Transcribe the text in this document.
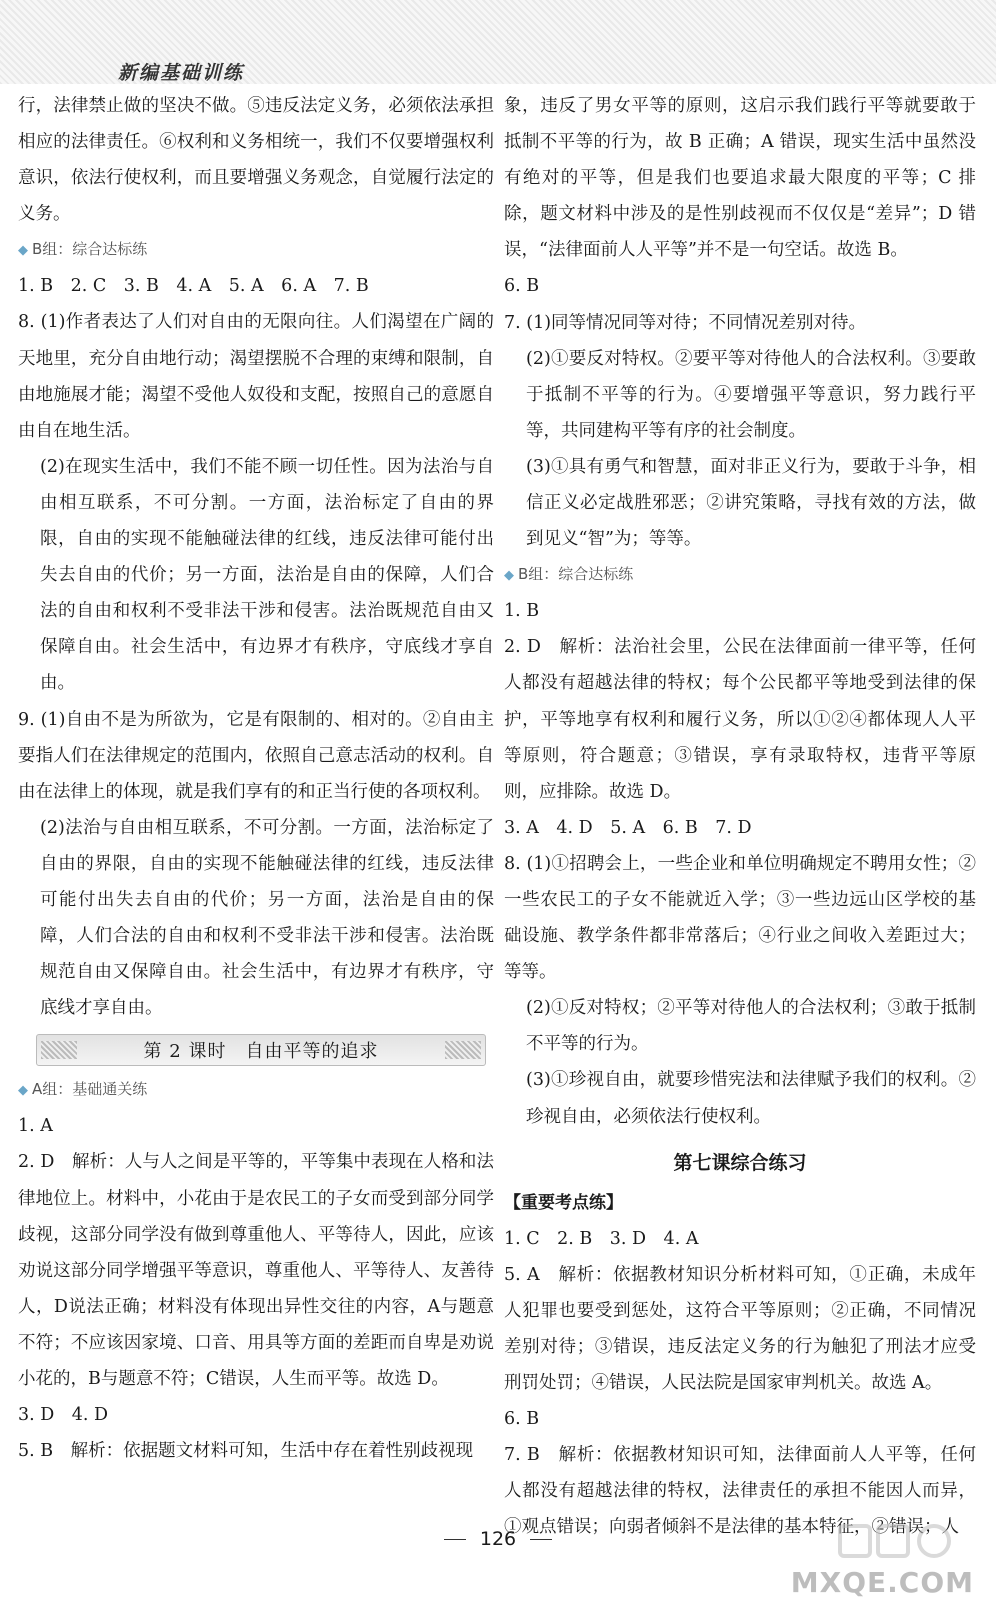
新编基础训练

行，法律禁止做的坚决不做。⑤违反法定义务，必须依法承担相应的法律责任。⑥权利和义务相统一，我们不仅要增强权利意识，依法行使权利，而且要增强义务观念，自觉履行法定的义务。

◆ B组：综合达标练

1. B　2. C　3. B　4. A　5. A　6. A　7. B

8. (1)作者表达了人们对自由的无限向往。人们渴望在广阔的天地里，充分自由地行动；渴望摆脱不合理的束缚和限制，自由地施展才能；渴望不受他人奴役和支配，按照自己的意愿自由自在地生活。

(2)在现实生活中，我们不能不顾一切任性。因为法治与自由相互联系，不可分割。一方面，法治标定了自由的界限，自由的实现不能触碰法律的红线，违反法律可能付出失去自由的代价；另一方面，法治是自由的保障，人们合法的自由和权利不受非法干涉和侵害。法治既规范自由又保障自由。社会生活中，有边界才有秩序，守底线才享自由。

9. (1)自由不是为所欲为，它是有限制的、相对的。②自由主要指人们在法律规定的范围内，依照自己意志活动的权利。自由在法律上的体现，就是我们享有的和正当行使的各项权利。

(2)法治与自由相互联系，不可分割。一方面，法治标定了自由的界限，自由的实现不能触碰法律的红线，违反法律可能付出失去自由的代价；另一方面，法治是自由的保障，人们合法的自由和权利不受非法干涉和侵害。法治既规范自由又保障自由。社会生活中，有边界才有秩序，守底线才享自由。

第 2 课时　自由平等的追求

◆ A组：基础通关练

1. A

2. D　解析：人与人之间是平等的，平等集中表现在人格和法律地位上。材料中，小花由于是农民工的子女而受到部分同学歧视，这部分同学没有做到尊重他人、平等待人，因此，应该劝说这部分同学增强平等意识，尊重他人、平等待人、友善待人，D说法正确；材料没有体现出异性交往的内容，A与题意不符；不应该因家境、口音、用具等方面的差距而自卑是劝说小花的，B与题意不符；C错误，人生而平等。故选 D。

3. D　4. D

5. B　解析：依据题文材料可知，生活中存在着性别歧视现

象，违反了男女平等的原则，这启示我们践行平等就要敢于抵制不平等的行为，故 B 正确；A 错误，现实生活中虽然没有绝对的平等，但是我们也要追求最大限度的平等；C 排除，题文材料中涉及的是性别歧视而不仅仅是“差异”；D 错误，“法律面前人人平等”并不是一句空话。故选 B。

6. B

7. (1)同等情况同等对待；不同情况差别对待。

(2)①要反对特权。②要平等对待他人的合法权利。③要敢于抵制不平等的行为。④要增强平等意识，努力践行平等，共同建构平等有序的社会制度。

(3)①具有勇气和智慧，面对非正义行为，要敢于斗争，相信正义必定战胜邪恶；②讲究策略，寻找有效的方法，做到见义“智”为；等等。

◆ B组：综合达标练

1. B

2. D　解析：法治社会里，公民在法律面前一律平等，任何人都没有超越法律的特权；每个公民都平等地受到法律的保护，平等地享有权利和履行义务，所以①②④都体现人人平等原则，符合题意；③错误，享有录取特权，违背平等原则，应排除。故选 D。

3. A　4. D　5. A　6. B　7. D

8. (1)①招聘会上，一些企业和单位明确规定不聘用女性；②一些农民工的子女不能就近入学；③一些边远山区学校的基础设施、教学条件都非常落后；④行业之间收入差距过大；等等。

(2)①反对特权；②平等对待他人的合法权利；③敢于抵制不平等的行为。

(3)①珍视自由，就要珍惜宪法和法律赋予我们的权利。②珍视自由，必须依法行使权利。

第七课综合练习

【重要考点练】

1. C　2. B　3. D　4. A

5. A　解析：依据教材知识分析材料可知，①正确，未成年人犯罪也要受到惩处，这符合平等原则；②正确，不同情况差别对待；③错误，违反法定义务的行为触犯了刑法才应受刑罚处罚；④错误，人民法院是国家审判机关。故选 A。

6. B

7. B　解析：依据教材知识可知，法律面前人人平等，任何人都没有超越法律的特权，法律责任的承担不能因人而异，①观点错误；向弱者倾斜不是法律的基本特征，②错误；人

126
MXQE.COM
